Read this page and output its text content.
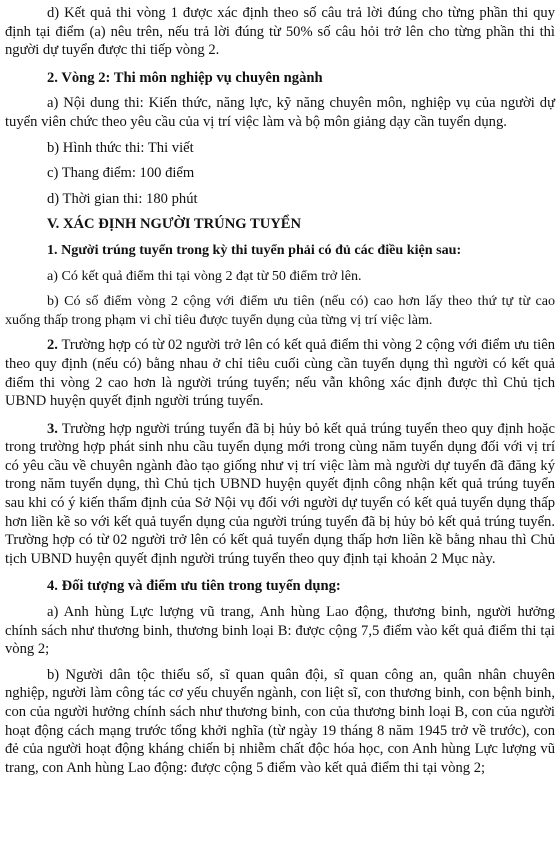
d) Kết quả thi vòng 1 được xác định theo số câu trả lời đúng cho từng phần thi quy định tại điểm (a) nêu trên, nếu trả lời đúng từ 50% số câu hỏi trở lên cho từng phần thi thì người dự tuyển được thi tiếp vòng 2.

2. Vòng 2: Thi môn nghiệp vụ chuyên ngành

a) Nội dung thi: Kiến thức, năng lực, kỹ năng chuyên môn, nghiệp vụ của người dự tuyển viên chức theo yêu cầu của vị trí việc làm và bộ môn giảng dạy cần tuyển dụng.

b) Hình thức thi: Thi viết

c) Thang điểm: 100 điểm

d) Thời gian thi: 180 phút

V. XÁC ĐỊNH NGƯỜI TRÚNG TUYỂN

1. Người trúng tuyển trong kỳ thi tuyển phải có đủ các điều kiện sau:

a) Có kết quả điểm thi tại vòng 2 đạt từ 50 điểm trở lên.

b) Có số điểm vòng 2 cộng với điểm ưu tiên (nếu có) cao hơn lấy theo thứ tự từ cao xuống thấp trong phạm vi chỉ tiêu được tuyển dụng của từng vị trí việc làm.

2. Trường hợp có từ 02 người trở lên có kết quả điểm thi vòng 2 cộng với điểm ưu tiên theo quy định (nếu có) bằng nhau ở chỉ tiêu cuối cùng cần tuyển dụng thì người có kết quả điểm thi vòng 2 cao hơn là người trúng tuyển; nếu vẫn không xác định được thì Chủ tịch UBND huyện quyết định người trúng tuyển.

3. Trường hợp người trúng tuyển đã bị hủy bỏ kết quả trúng tuyển theo quy định hoặc trong trường hợp phát sinh nhu cầu tuyển dụng mới trong cùng năm tuyển dụng đối với vị trí có yêu cầu về chuyên ngành đào tạo giống như vị trí việc làm mà người dự tuyển đã đăng ký trong năm tuyển dụng, thì Chủ tịch UBND huyện quyết định công nhận kết quả trúng tuyển sau khi có ý kiến thẩm định của Sở Nội vụ đối với người dự tuyển có kết quả tuyển dụng thấp hơn liền kề so với kết quả tuyển dụng của người trúng tuyển đã bị hủy bỏ kết quả trúng tuyển. Trường hợp có từ 02 người trở lên có kết quả tuyển dụng thấp hơn liền kề bằng nhau thì Chủ tịch UBND huyện quyết định người trúng tuyển theo quy định tại khoản 2 Mục này.

4. Đối tượng và điểm ưu tiên trong tuyển dụng:

a) Anh hùng Lực lượng vũ trang, Anh hùng Lao động, thương binh, người hưởng chính sách như thương binh, thương binh loại B: được cộng 7,5 điểm vào kết quả điểm thi tại vòng 2;

b) Người dân tộc thiểu số, sĩ quan quân đội, sĩ quan công an, quân nhân chuyên nghiệp, người làm công tác cơ yếu chuyển ngành, con liệt sĩ, con thương binh, con bệnh binh, con của người hưởng chính sách như thương binh, con của thương binh loại B, con của người hoạt động cách mạng trước tổng khởi nghĩa (từ ngày 19 tháng 8 năm 1945 trở về trước), con đẻ của người hoạt động kháng chiến bị nhiễm chất độc hóa học, con Anh hùng Lực lượng vũ trang, con Anh hùng Lao động: được cộng 5 điểm vào kết quả điểm thi tại vòng 2;
